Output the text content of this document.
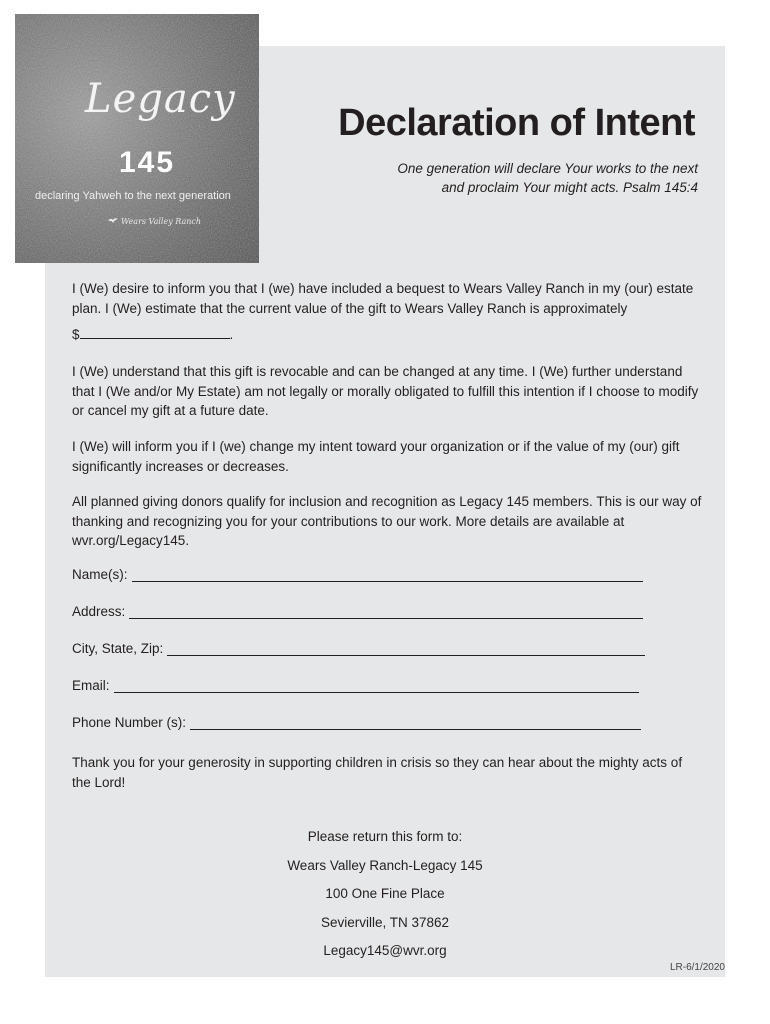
Legacy
145
declaring Yahweh to the next generation
Wears Valley Ranch
Declaration of Intent
One generation will declare Your works to the next
and proclaim Your might acts. Psalm 145:4
I (We) desire to inform you that I (we) have included a bequest to Wears Valley Ranch in my (our) estate plan. I (We) estimate that the current value of the gift to Wears Valley Ranch is approximately
$	.
I (We) understand that this gift is revocable and can be changed at any time. I (We) further understand that I (We and/or My Estate) am not legally or morally obligated to fulfill this intention if I choose to modify or cancel my gift at a future date.
I (We) will inform you if I (we) change my intent toward your organization or if the value of my (our) gift significantly increases or decreases.
All planned giving donors qualify for inclusion and recognition as Legacy 145 members. This is our way of thanking and recognizing you for your contributions to our work. More details are available at wvr.org/Legacy145.
Name(s):
Address:
City, State, Zip:
Email:
Phone Number (s):
Thank you for your generosity in supporting children in crisis so they can hear about the mighty acts of the Lord!
Please return this form to:
Wears Valley Ranch-Legacy 145
100 One Fine Place
Sevierville, TN 37862
Legacy145@wvr.org
LR-6/1/2020
